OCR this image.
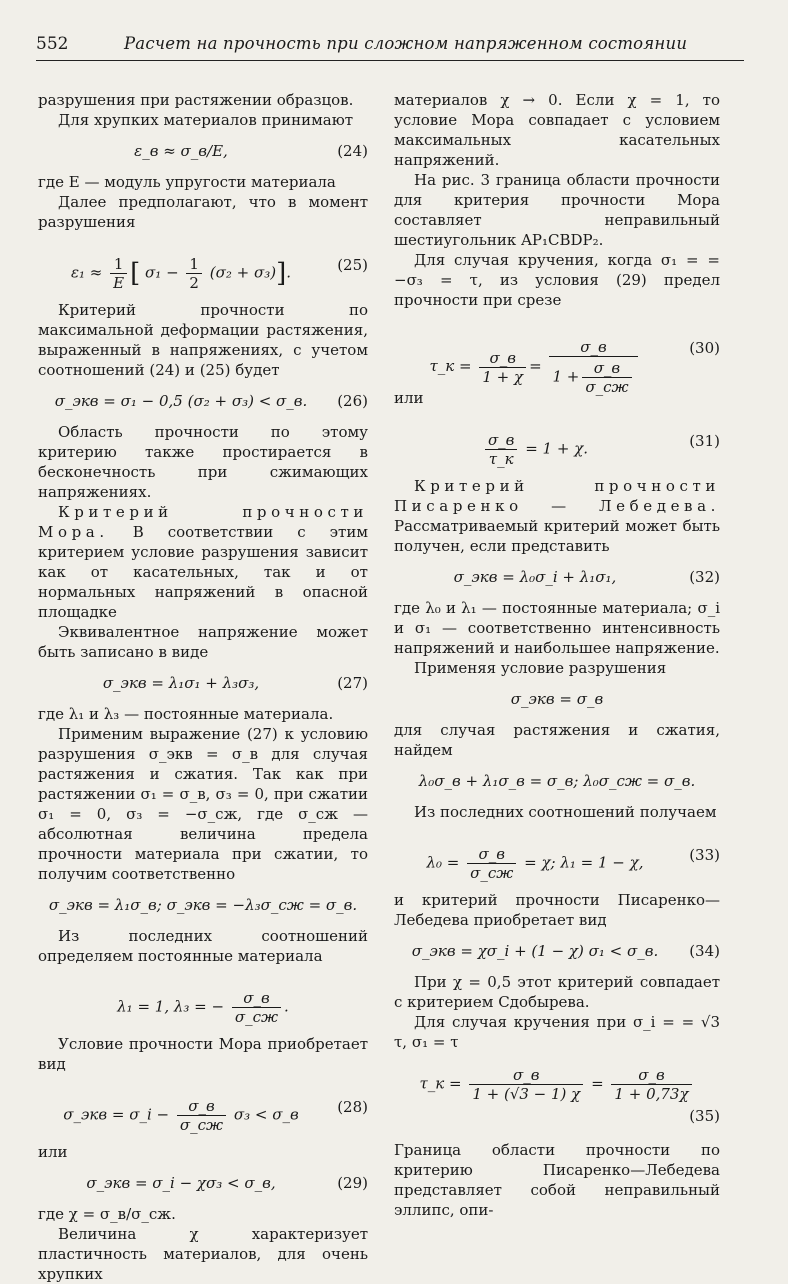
552	Расчет на прочность при сложном напряженном состоянии

разрушения при растяжении образцов.

Для хрупких материалов принимают

ε_в ≈ σ_в/E,	(24)

где E — модуль упругости материала

Далее предполагают, что в момент разрушения

$\varepsilon_1 \approx \frac{1}{E}$ [ $\sigma_1 - \frac{1}{2} (\sigma_2 + \sigma_3)$].	(25)

Критерий прочности по максимальной деформации растяжения, выраженный в напряжениях, с учетом соотношений (24) и (25) будет

σ_экв = σ₁ − 0,5 (σ₂ + σ₃) < σ_в.	(26)

Область прочности по этому критерию также простирается в бесконечность при сжимающих напряжениях.

Критерий прочности Мора. В соответствии с этим критерием условие разрушения зависит как от касательных, так и от нормальных напряжений в опасной площадке

Эквивалентное напряжение может быть записано в виде

σ_экв = λ₁σ₁ + λ₃σ₃,	(27)

где λ₁ и λ₃ — постоянные материала.

Применим выражение (27) к условию разрушения σ_экв = σ_в для случая растяжения и сжатия. Так как при растяжении σ₁ = σ_в, σ₃ = 0, при сжатии σ₁ = 0, σ₃ = −σ_сж, где σ_сж — абсолютная величина предела прочности материала при сжатии, то получим соответственно

σ_экв = λ₁σ_в; σ_экв = −λ₃σ_сж = σ_в.

Из последних соотношений определяем постоянные материала

λ₁ = 1, λ₃ = − $\frac{\sigma\_в}{\sigma\_сж}$ .

Условие прочности Мора приобретает вид

σ_экв = σ_i − $\frac{\sigma\_в}{\sigma\_сж} \sigma_3$ < σ_в	(28)

или

σ_экв = σ_i − χσ₃ < σ_в,	(29)

где χ = σ_в/σ_сж.

Величина χ характеризует пластичность материалов, для очень хрупких

материалов χ → 0. Если χ = 1, то условие Мора совпадает с условием максимальных касательных напряжений.

На рис. 3 граница области прочности для критерия прочности Мора составляет неправильный шестиугольник AP₁CBDP₂.

Для случая кручения, когда σ₁ = = −σ₃ = τ, из условия (29) предел прочности при срезе

τ_к = $\frac{\sigma\_в}{1 + \chi} = \frac{\sigma\_в}{1 + \frac{\sigma\_в}{\sigma\_сж}}$	(30)

или

$\frac{\sigma\_в}{\tau\_к} = 1 + \chi$.	(31)

Критерий прочности Писаренко — Лебедева. Рассматриваемый критерий может быть получен, если представить

σ_экв = λ₀σ_i + λ₁σ₁,	(32)

где λ₀ и λ₁ — постоянные материала; σ_i и σ₁ — соответственно интенсивность напряжений и наибольшее напряжение.

Применяя условие разрушения

σ_экв = σ_в

для случая растяжения и сжатия, найдем

λ₀σ_в + λ₁σ_в = σ_в; λ₀σ_сж = σ_в.

Из последних соотношений получаем

$\lambda_0 = \frac{\sigma\_в}{\sigma\_сж} = \chi$; λ₁ = 1 − χ,	(33)

и критерий прочности Писаренко—Лебедева приобретает вид

σ_экв = χσ_i + (1 − χ) σ₁ < σ_в.	(34)

При χ = 0,5 этот критерий совпадает с критерием Сдобырева.

Для случая кручения при σ_i = = √3 τ, σ₁ = τ

τ_к = $\frac{\sigma\_в}{1 + (√3 - 1) \chi} = \frac{\sigma\_в}{1 + 0,73\chi}$
(35)

Граница области прочности по критерию Писаренко—Лебедева представляет собой неправильный эллипс, опи-
